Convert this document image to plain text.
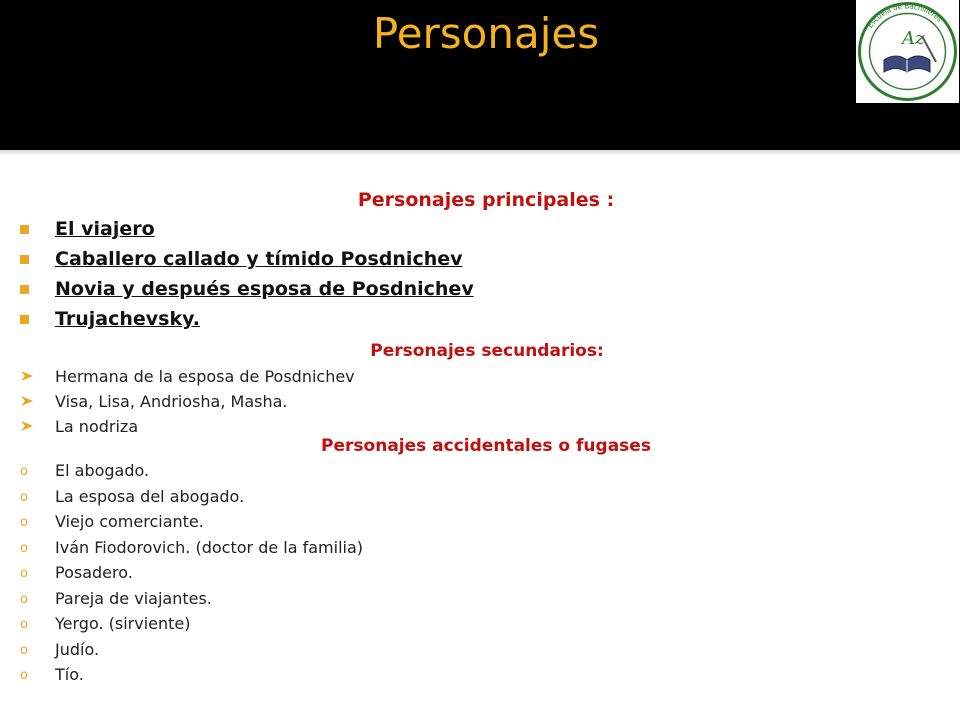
Personajes	Escuela de Bachilleres
Az
Personajes principales :
El viajero
Caballero callado y tímido Posdnichev
Novia y después esposa de Posdnichev
Trujachevsky.
Personajes secundarios:
Hermana de la esposa de Posdnichev
Visa, Lisa, Andriosha, Masha.
La nodriza
Personajes accidentales o fugases
o El abogado.
o La esposa del abogado.
o Viejo comerciante.
o Iván Fiodorovich. (doctor de la familia)
o Posadero.
o Pareja de viajantes.
o Yergo. (sirviente)
o Judío.
o Tío.
